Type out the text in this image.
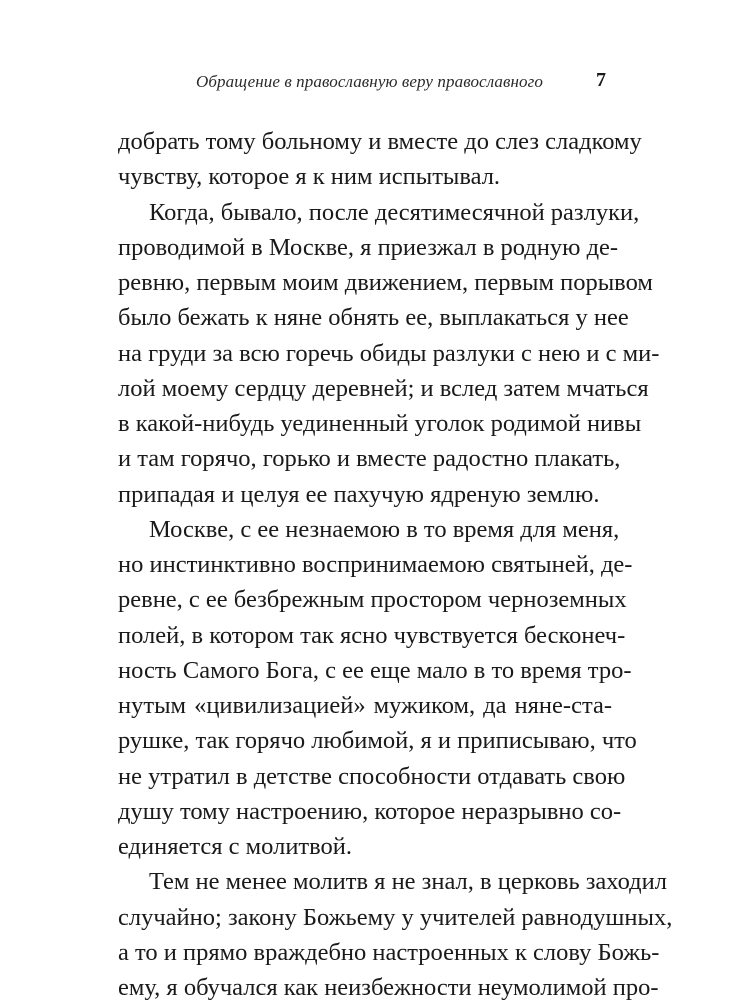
Обращение в православную веру православного	7
добрать тому больному и вместе до слез сладкому
чувству, которое я к ним испытывал.
Когда, бывало, после десятимесячной разлуки,
проводимой в Москве, я приезжал в родную де-
ревню, первым моим движением, первым порывом
было бежать к няне обнять ее, выплакаться у нее
на груди за всю горечь обиды разлуки с нею и с ми-
лой моему сердцу деревней; и вслед затем мчаться
в какой-нибудь уединенный уголок родимой нивы
и там горячо, горько и вместе радостно плакать,
припадая и целуя ее пахучую ядреную землю.
Москве, с ее незнаемою в то время для меня,
но инстинктивно воспринимаемою святыней, де-
ревне, с ее безбрежным простором черноземных
полей, в котором так ясно чувствуется бесконеч-
ность Самого Бога, с ее еще мало в то время тро-
нутым «цивилизацией» мужиком, да няне-ста-
рушке, так горячо любимой, я и приписываю, что
не утратил в детстве способности отдавать свою
душу тому настроению, которое неразрывно со-
единяется с молитвой.
Тем не менее молитв я не знал, в церковь заходил
случайно; закону Божьему у учителей равнодушных,
а то и прямо враждебно настроенных к слову Божь-
ему, я обучался как неизбежности неумолимой про-
